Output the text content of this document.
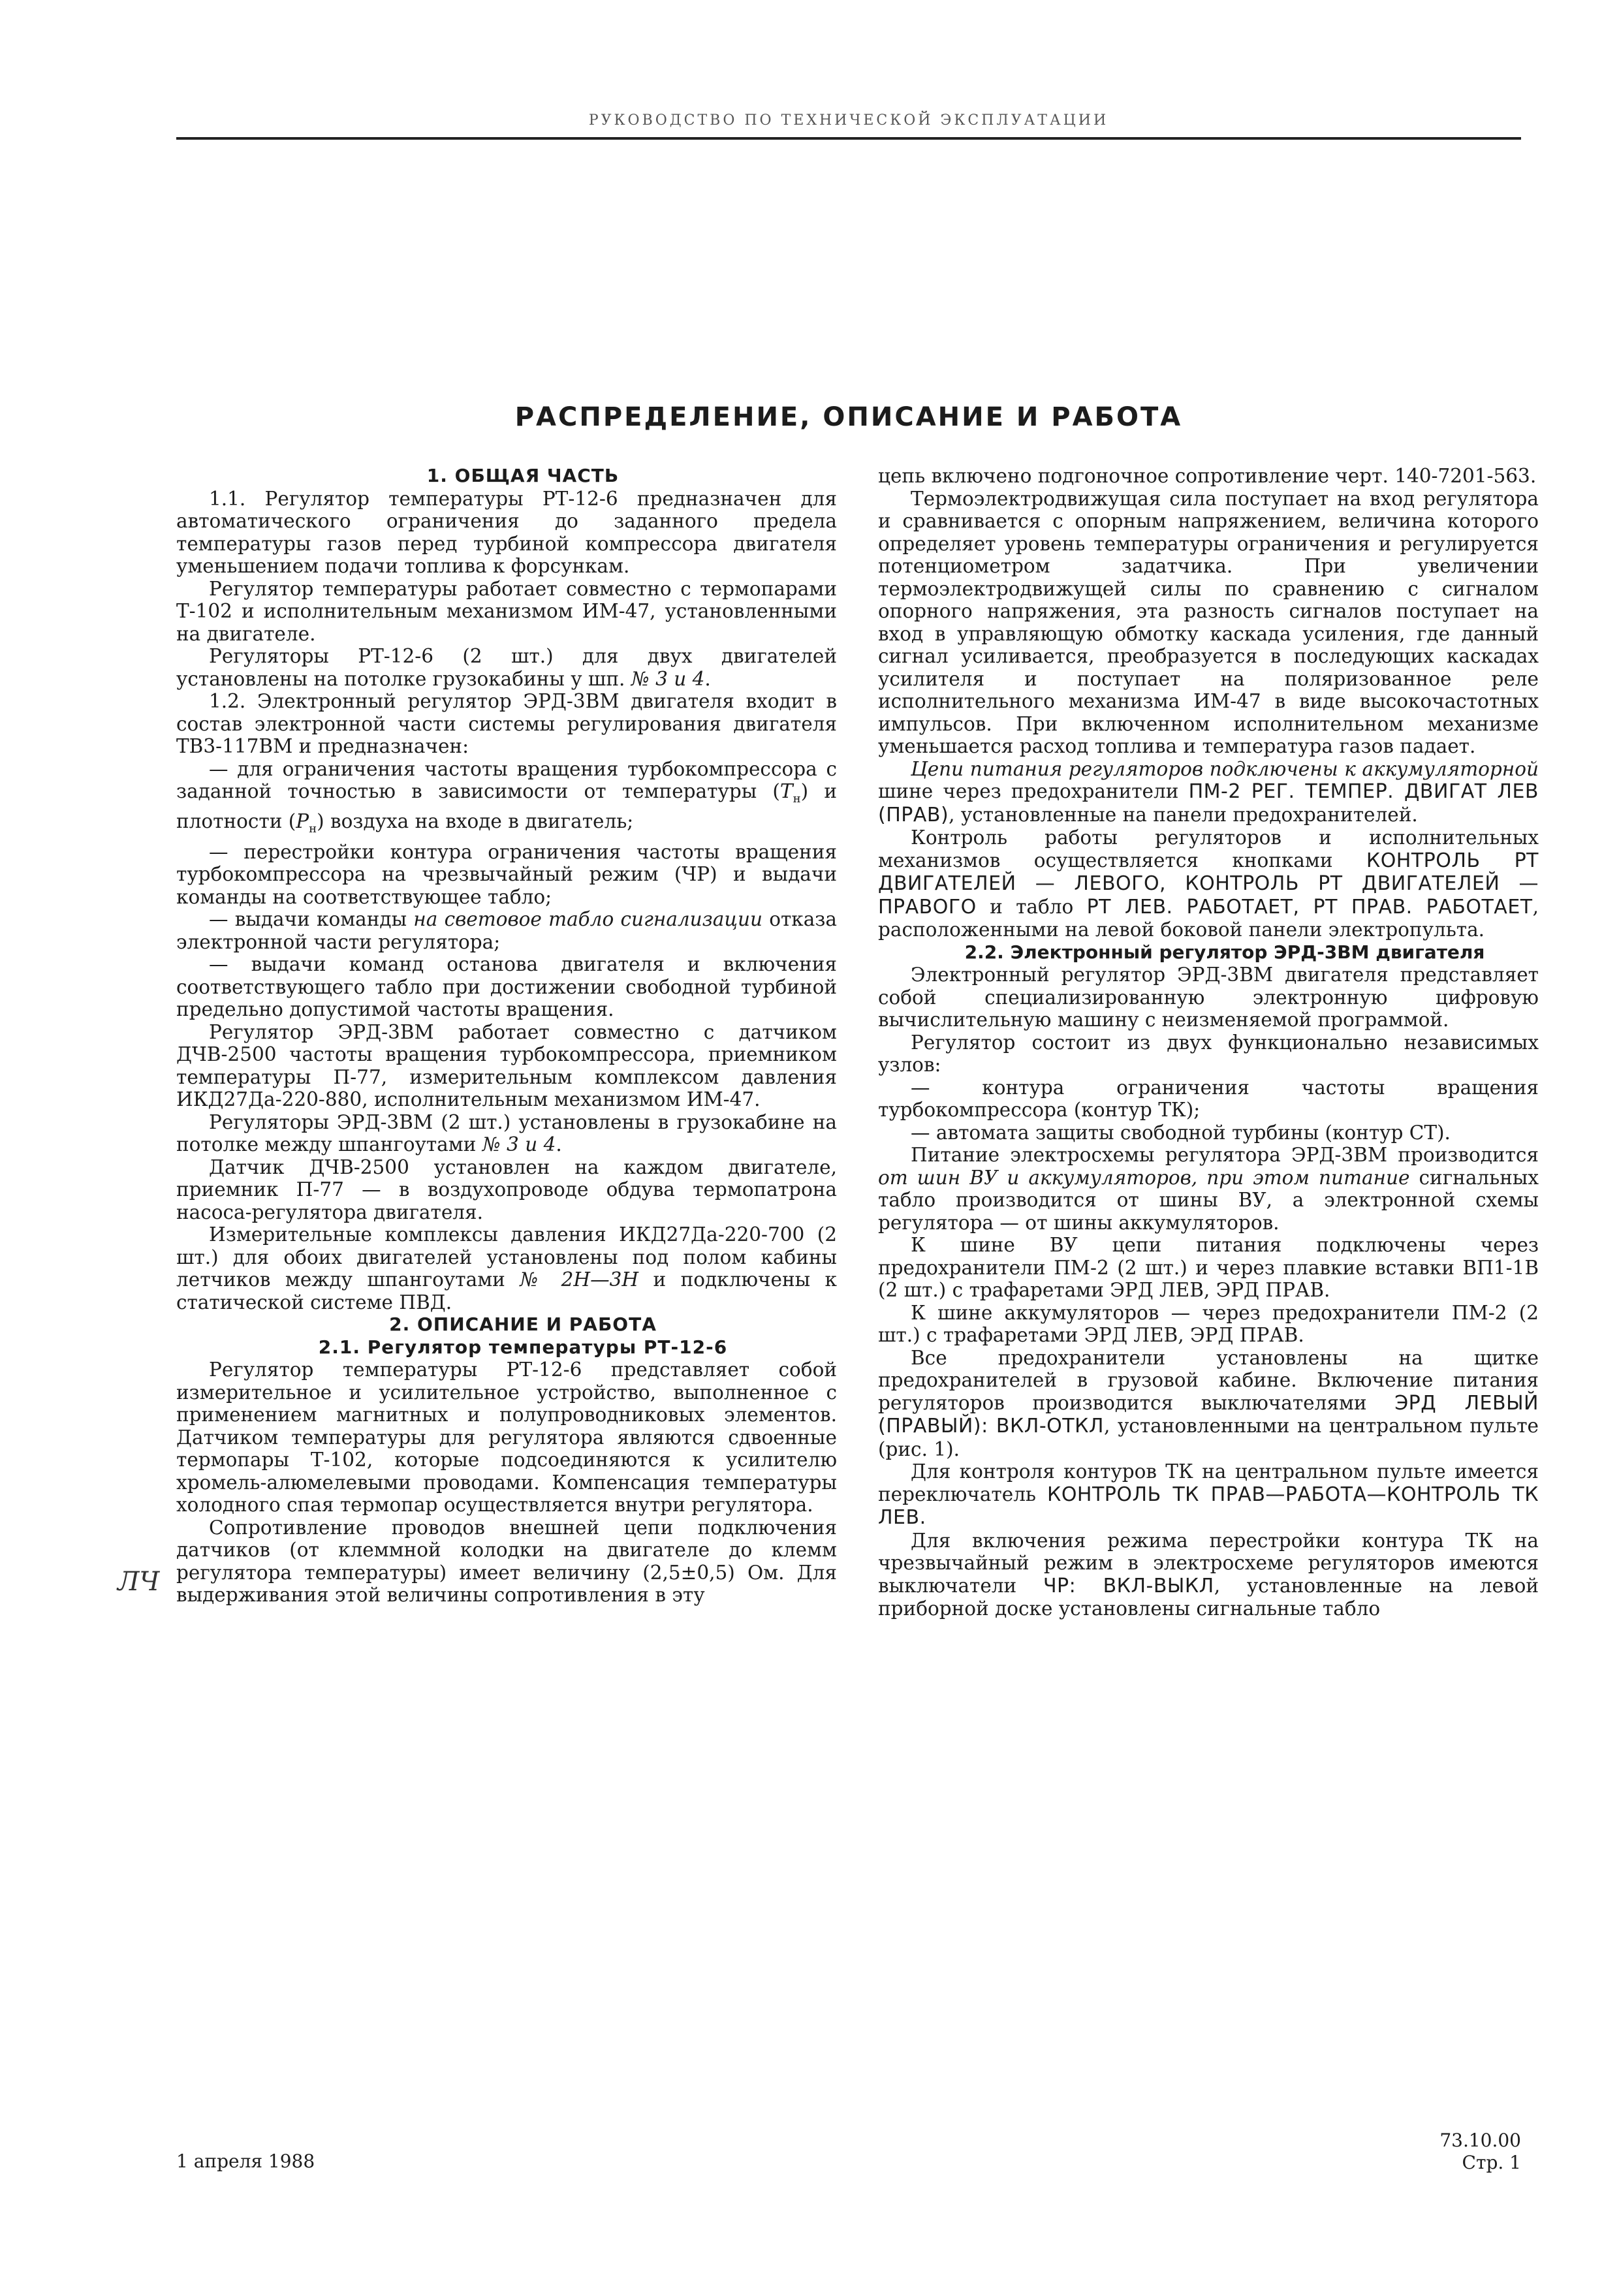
РУКОВОДСТВО ПО ТЕХНИЧЕСКОЙ ЭКСПЛУАТАЦИИ
РАСПРЕДЕЛЕНИЕ, ОПИСАНИЕ И РАБОТА
ЛЧ

1. ОБЩАЯ ЧАСТЬ

1.1. Регулятор температуры РТ-12-6 предназначен для автоматического ограничения до заданного предела температуры газов перед турбиной компрессора двигателя уменьшением подачи топлива к форсункам.

Регулятор температуры работает совместно с термопарами Т-102 и исполнительным механизмом ИМ-47, установленными на двигателе.

Регуляторы РТ-12-6 (2 шт.) для двух двигателей установлены на потолке грузокабины у шп. № 3 и 4.

1.2. Электронный регулятор ЭРД-3ВМ двигателя входит в состав электронной части системы регулирования двигателя ТВ3-117ВМ и предназначен:

— для ограничения частоты вращения турбокомпрессора с заданной точностью в зависимости от температуры $(Т_н)$ и плотности $(Р_н)$ воздуха на входе в двигатель;

— перестройки контура ограничения частоты вращения турбокомпрессора на чрезвычайный режим (ЧР) и выдачи команды на соответствующее табло;

— выдачи команды на световое табло сигнализации отказа электронной части регулятора;

— выдачи команд останова двигателя и включения соответствующего табло при достижении свободной турбиной предельно допустимой частоты вращения.

Регулятор ЭРД-3ВМ работает совместно с датчиком ДЧВ-2500 частоты вращения турбокомпрессора, приемником температуры П-77, измерительным комплексом давления ИКД27Да-220-880, исполнительным механизмом ИМ-47.

Регуляторы ЭРД-3ВМ (2 шт.) установлены в грузокабине на потолке между шпангоутами № 3 и 4.

Датчик ДЧВ-2500 установлен на каждом двигателе, приемник П-77 — в воздухопроводе обдува термопатрона насоса-регулятора двигателя.

Измерительные комплексы давления ИКД27Да-220-700 (2 шт.) для обоих двигателей установлены под полом кабины летчиков между шпангоутами № 2Н—3Н и подключены к статической системе ПВД.

2. ОПИСАНИЕ И РАБОТА

2.1. Регулятор температуры РТ-12-6

Регулятор температуры РТ-12-6 представляет собой измерительное и усилительное устройство, выполненное с применением магнитных и полупроводниковых элементов. Датчиком температуры для регулятора являются сдвоенные термопары Т-102, которые подсоединяются к усилителю хромель-алюмелевыми проводами. Компенсация температуры холодного спая термопар осуществляется внутри регулятора.

Сопротивление проводов внешней цепи подключения датчиков (от клеммной колодки на двигателе до клемм регулятора температуры) имеет величину (2,5±0,5) Ом. Для выдерживания этой величины сопротивления в эту

цепь включено подгоночное сопротивление черт. 140-7201-563.

Термоэлектродвижущая сила поступает на вход регулятора и сравнивается с опорным напряжением, величина которого определяет уровень температуры ограничения и регулируется потенциометром задатчика. При увеличении термоэлектродвижущей силы по сравнению с сигналом опорного напряжения, эта разность сигналов поступает на вход в управляющую обмотку каскада усиления, где данный сигнал усиливается, преобразуется в последующих каскадах усилителя и поступает на поляризованное реле исполнительного механизма ИМ-47 в виде высокочастотных импульсов. При включенном исполнительном механизме уменьшается расход топлива и температура газов падает.

Цепи питания регуляторов подключены к аккумуляторной шине через предохранители ПМ-2 РЕГ. ТЕМПЕР. ДВИГАТ ЛЕВ (ПРАВ), установленные на панели предохранителей.

Контроль работы регуляторов и исполнительных механизмов осуществляется кнопками КОНТРОЛЬ РТ ДВИГАТЕЛЕЙ — ЛЕВОГО, КОНТРОЛЬ РТ ДВИГАТЕЛЕЙ — ПРАВОГО и табло РТ ЛЕВ. РАБОТАЕТ, РТ ПРАВ. РАБОТАЕТ, расположенными на левой боковой панели электропульта.

2.2. Электронный регулятор ЭРД-3ВМ двигателя

Электронный регулятор ЭРД-3ВМ двигателя представляет собой специализированную электронную цифровую вычислительную машину с неизменяемой программой.

Регулятор состоит из двух функционально независимых узлов:

— контура ограничения частоты вращения турбокомпрессора (контур ТК);

— автомата защиты свободной турбины (контур СТ).

Питание электросхемы регулятора ЭРД-3ВМ производится от шин ВУ и аккумуляторов, при этом питание сигнальных табло производится от шины ВУ, а электронной схемы регулятора — от шины аккумуляторов.

К шине ВУ цепи питания подключены через предохранители ПМ-2 (2 шт.) и через плавкие вставки ВП1-1В (2 шт.) с трафаретами ЭРД ЛЕВ, ЭРД ПРАВ.

К шине аккумуляторов — через предохранители ПМ-2 (2 шт.) с трафаретами ЭРД ЛЕВ, ЭРД ПРАВ.

Все предохранители установлены на щитке предохранителей в грузовой кабине. Включение питания регуляторов производится выключателями ЭРД ЛЕВЫЙ (ПРАВЫЙ): ВКЛ-ОТКЛ, установленными на центральном пульте (рис. 1).

Для контроля контуров ТК на центральном пульте имеется переключатель КОНТРОЛЬ ТК ПРАВ—РАБОТА—КОНТРОЛЬ ТК ЛЕВ.

Для включения режима перестройки контура ТК на чрезвычайный режим в электросхеме регуляторов имеются выключатели ЧР: ВКЛ-ВЫКЛ, установленные на левой приборной доске установлены сигнальные табло

1 апреля 1988
73.10.00
Стр. 1
